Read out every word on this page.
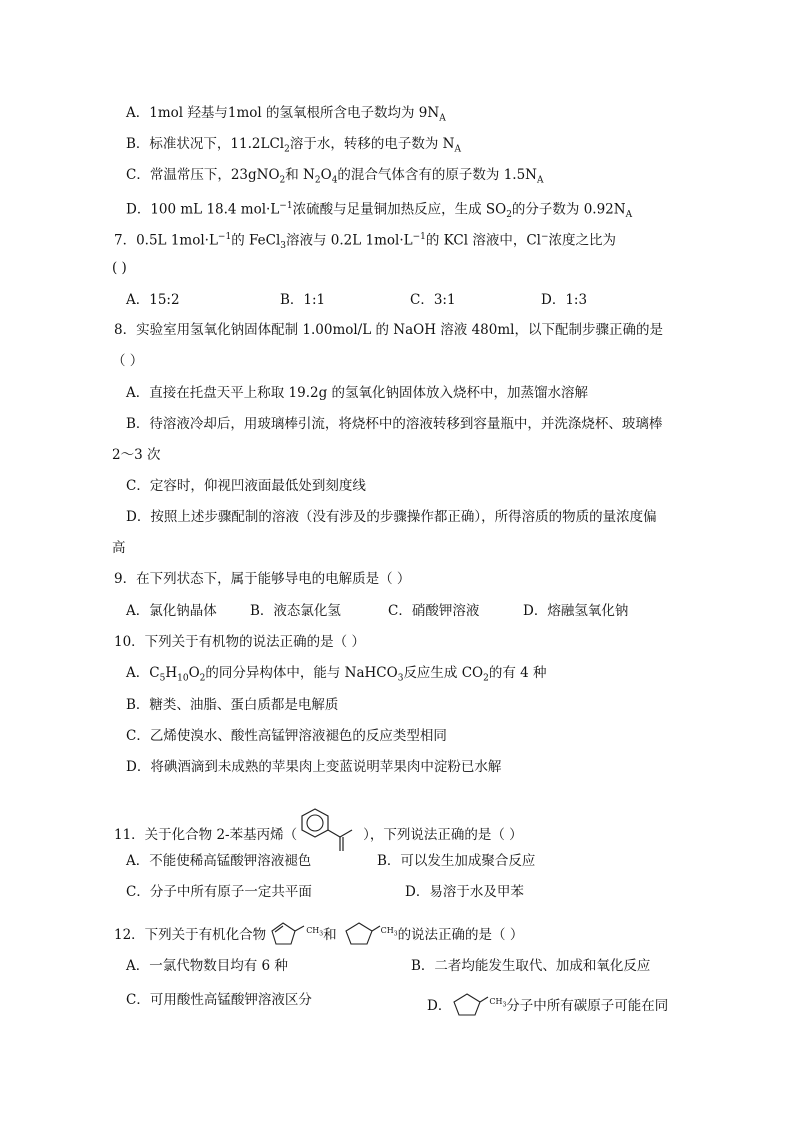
A．1mol 羟基与1mol 的氢氧根所含电子数均为 $9N_A$
B．标准状况下，11.2LCl$_2$溶于水，转移的电子数为 $N_A$
C．常温常压下，23gNO$_2$和 $N_2O_4$的混合气体含有的原子数为 $1.5N_A$
D．100 mL 18.4 $mol\cdot L^{-1}$浓硫酸与足量铜加热反应，生成 $SO_2$的分子数为 $0.92N_A$
7．0.5L $1mol\cdot L^{-1}$的 FeCl$_3$溶液与 0.2L $1mol\cdot L^{-1}$的 KCl 溶液中，Cl−浓度之比为
( )
A．15:2	B．1:1	C．3:1	D．1:3
8．实验室用氢氧化钠固体配制 1.00mol/L 的 NaOH 溶液 480ml，以下配制步骤正确的是
（ ）
A．直接在托盘天平上称取 19.2g 的氢氧化钠固体放入烧杯中，加蒸馏水溶解
B．待溶液冷却后，用玻璃棒引流，将烧杯中的溶液转移到容量瓶中，并洗涤烧杯、玻璃棒
2～3 次
C．定容时，仰视凹液面最低处到刻度线
D．按照上述步骤配制的溶液（没有涉及的步骤操作都正确），所得溶质的物质的量浓度偏
高
9．在下列状态下，属于能够导电的电解质是（ ）
A．氯化钠晶体 B．液态氯化氢	C．硝酸钾溶液	D．熔融氢氧化钠
10．下列关于有机物的说法正确的是（ ）
A．$C_5H_{10}O_2$的同分异构体中，能与 NaHCO$_3$反应生成 $CO_2$的有 4 种
B．糖类、油脂、蛋白质都是电解质
C．乙烯使溴水、酸性高锰钾溶液褪色的反应类型相同
D．将碘酒滴到未成熟的苹果肉上变蓝说明苹果肉中淀粉已水解
11．关于化合物 2-苯基丙烯（	），下列说法正确的是（ ）
A．不能使稀高锰酸钾溶液褪色	B．可以发生加成聚合反应
C．分子中所有原子一定共平面	D．易溶于水及甲苯
12．下列关于有机化合物	$^{CH_3}$和	$^{CH_3}$的说法正确的是（ ）
A．一氯代物数目均有 6 种	B．二者均能发生取代、加成和氧化反应
C．可用酸性高锰酸钾溶液区分	D．	$^{CH_3}$分子中所有碳原子可能在同
